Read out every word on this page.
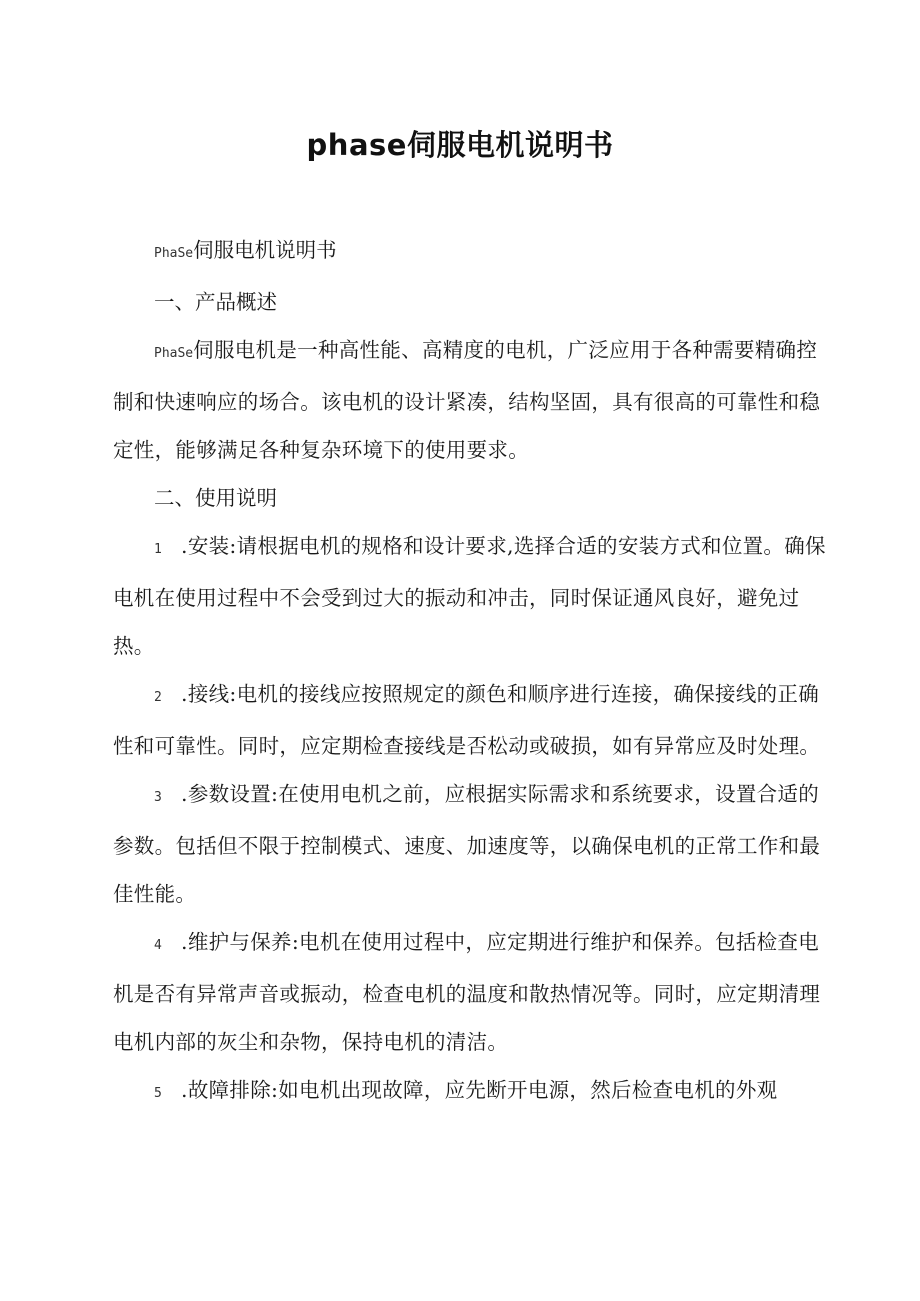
phase伺服电机说明书

PhaSe伺服电机说明书

一、产品概述

PhaSe伺服电机是一种高性能、高精度的电机，广泛应用于各种需要精确控制和快速响应的场合。该电机的设计紧凑，结构坚固，具有很高的可靠性和稳定性，能够满足各种复杂环境下的使用要求。

二、使用说明

1 .安装:请根据电机的规格和设计要求,选择合适的安装方式和位置。确保电机在使用过程中不会受到过大的振动和冲击，同时保证通风良好，避免过热。

2 .接线:电机的接线应按照规定的颜色和顺序进行连接，确保接线的正确性和可靠性。同时，应定期检查接线是否松动或破损，如有异常应及时处理。

3 .参数设置:在使用电机之前，应根据实际需求和系统要求，设置合适的参数。包括但不限于控制模式、速度、加速度等，以确保电机的正常工作和最佳性能。

4 .维护与保养:电机在使用过程中，应定期进行维护和保养。包括检查电机是否有异常声音或振动，检查电机的温度和散热情况等。同时，应定期清理电机内部的灰尘和杂物，保持电机的清洁。

5 .故障排除:如电机出现故障，应先断开电源，然后检查电机的外观
